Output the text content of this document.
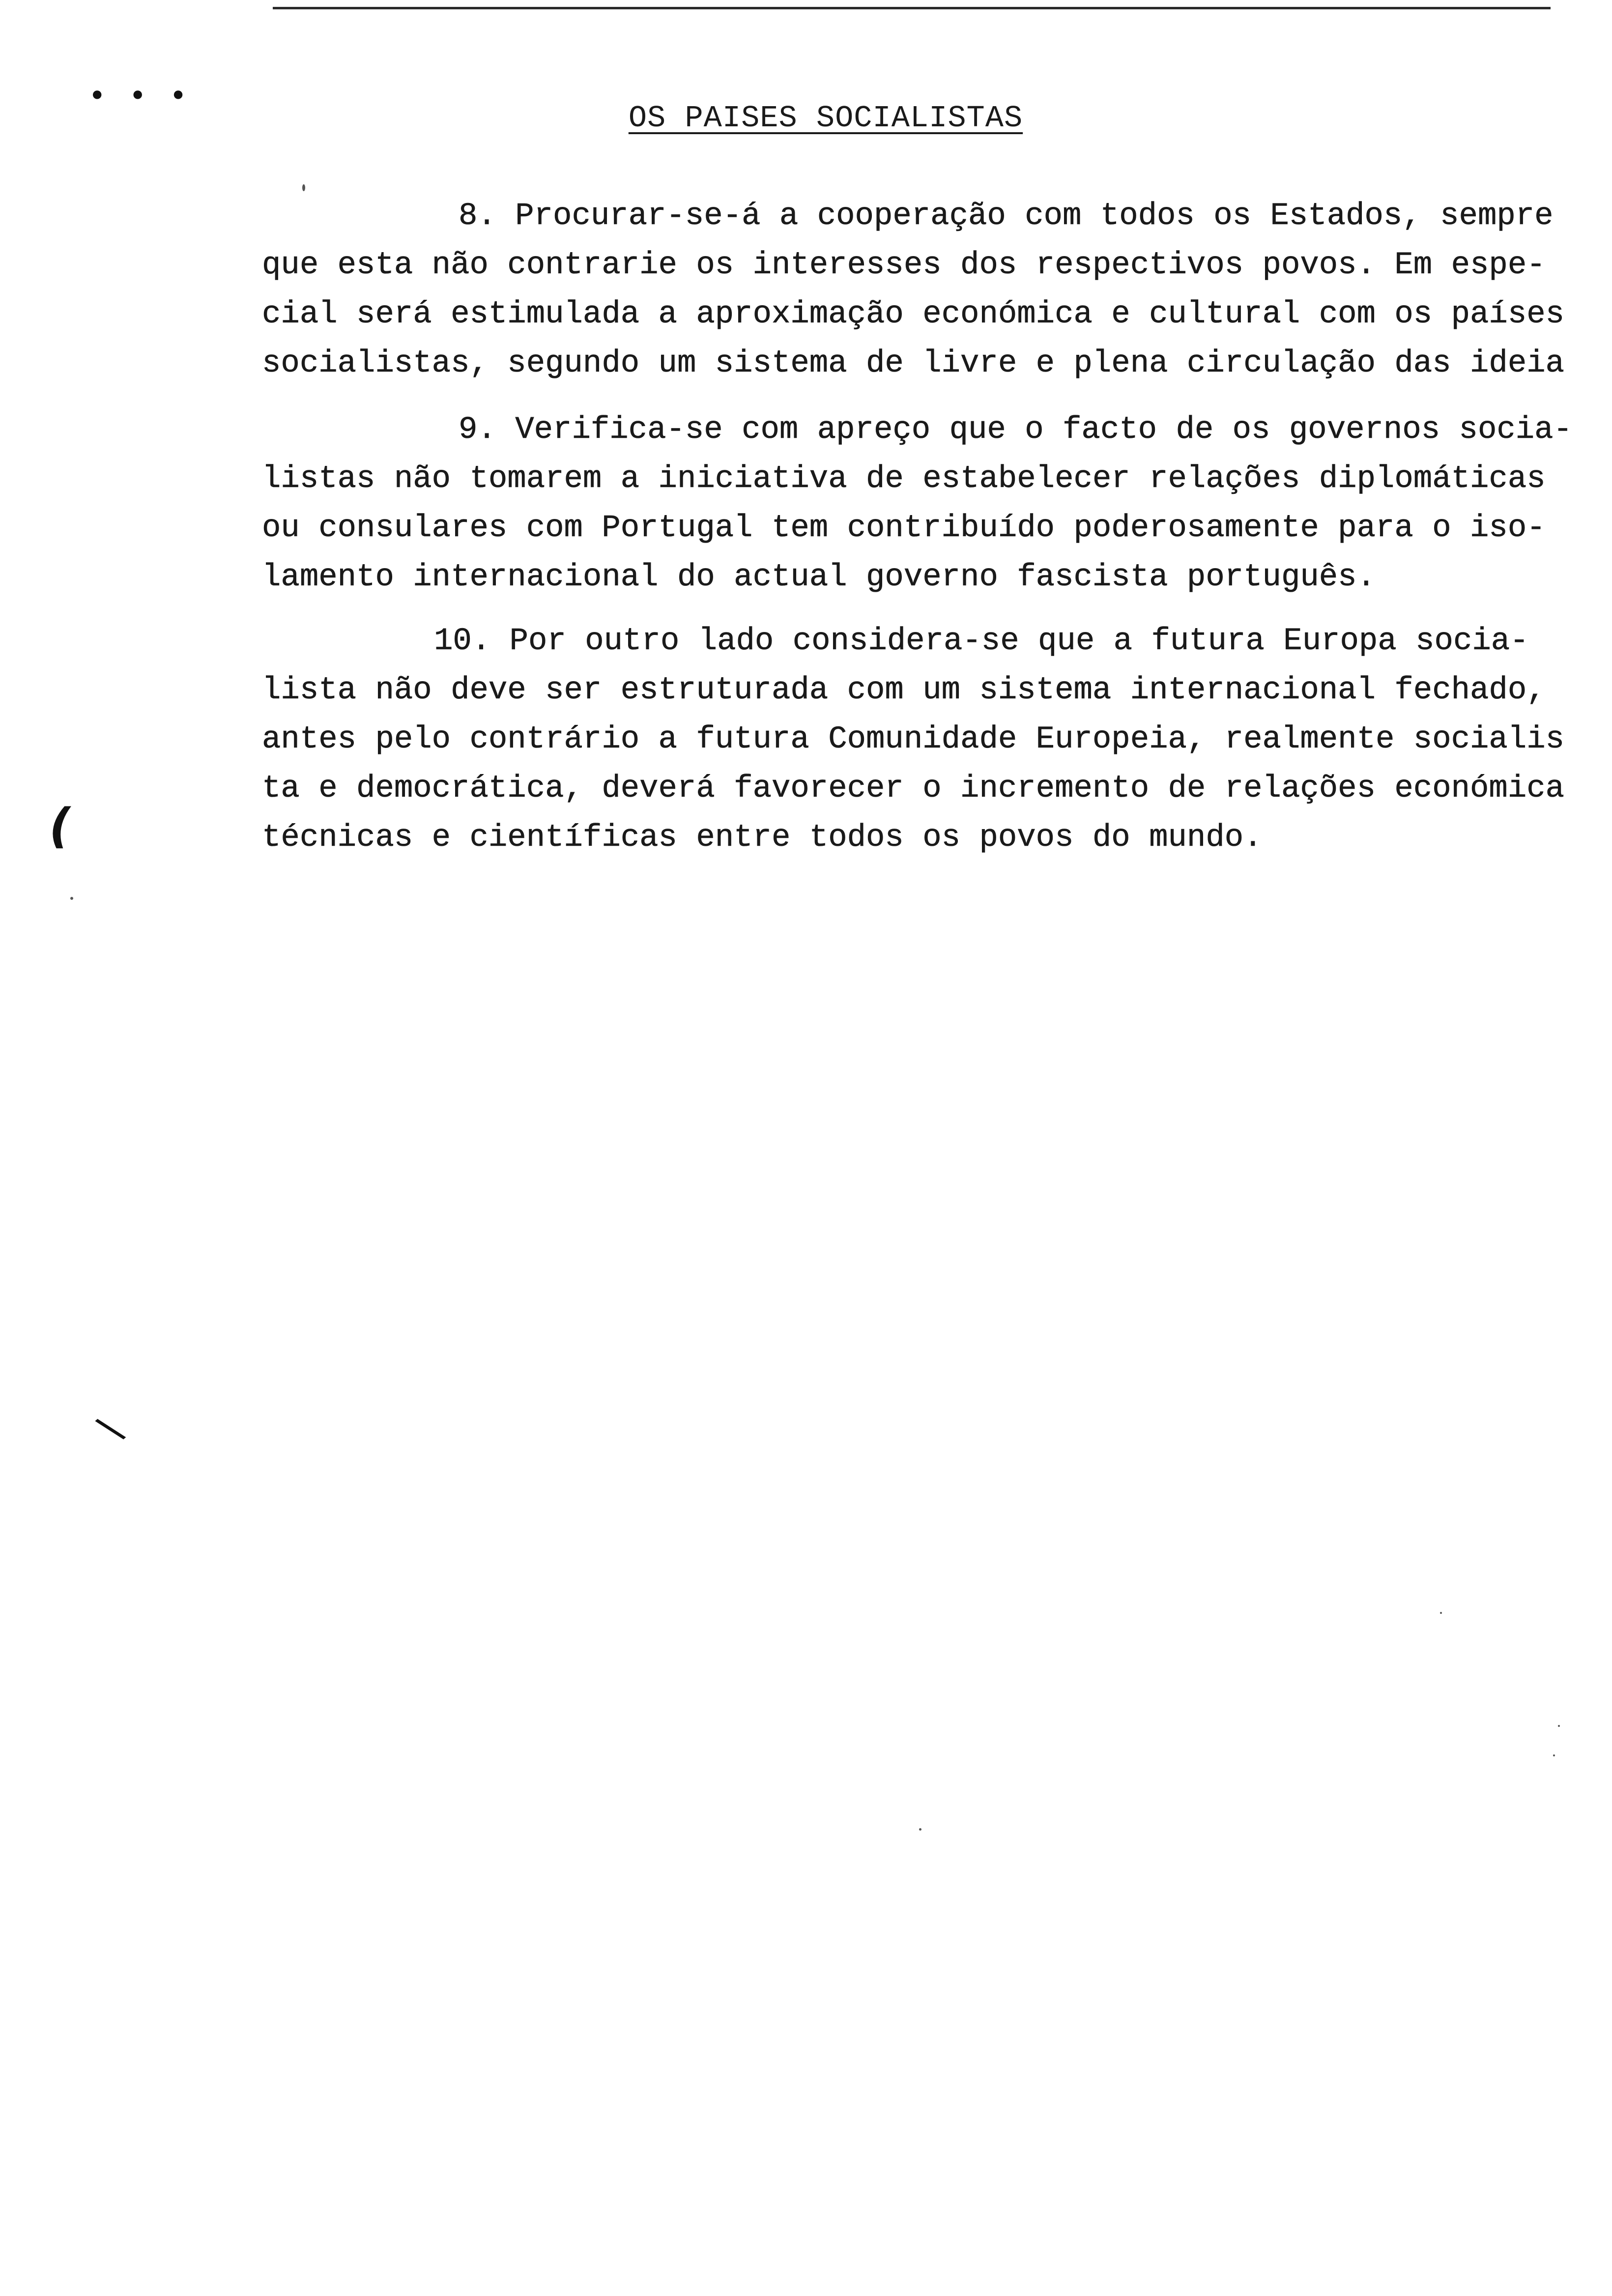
• • •
(
\
OS PAISES SOCIALISTAS
8. Procurar-se-á a cooperação com todos os Estados, sempre
que esta não contrarie os interesses dos respectivos povos. Em espe-
cial será estimulada a aproximação económica e cultural com os países
socialistas, segundo um sistema de livre e plena circulação das ideia
9. Verifica-se com apreço que o facto de os governos socia-
listas não tomarem a iniciativa de estabelecer relações diplomáticas
ou consulares com Portugal tem contribuído poderosamente para o iso-
lamento internacional do actual governo fascista português.
10. Por outro lado considera-se que a futura Europa socia-
lista não deve ser estruturada com um sistema internacional fechado,
antes pelo contrário a futura Comunidade Europeia, realmente socialis
ta e democrática, deverá favorecer o incremento de relações económica
técnicas e científicas entre todos os povos do mundo.
